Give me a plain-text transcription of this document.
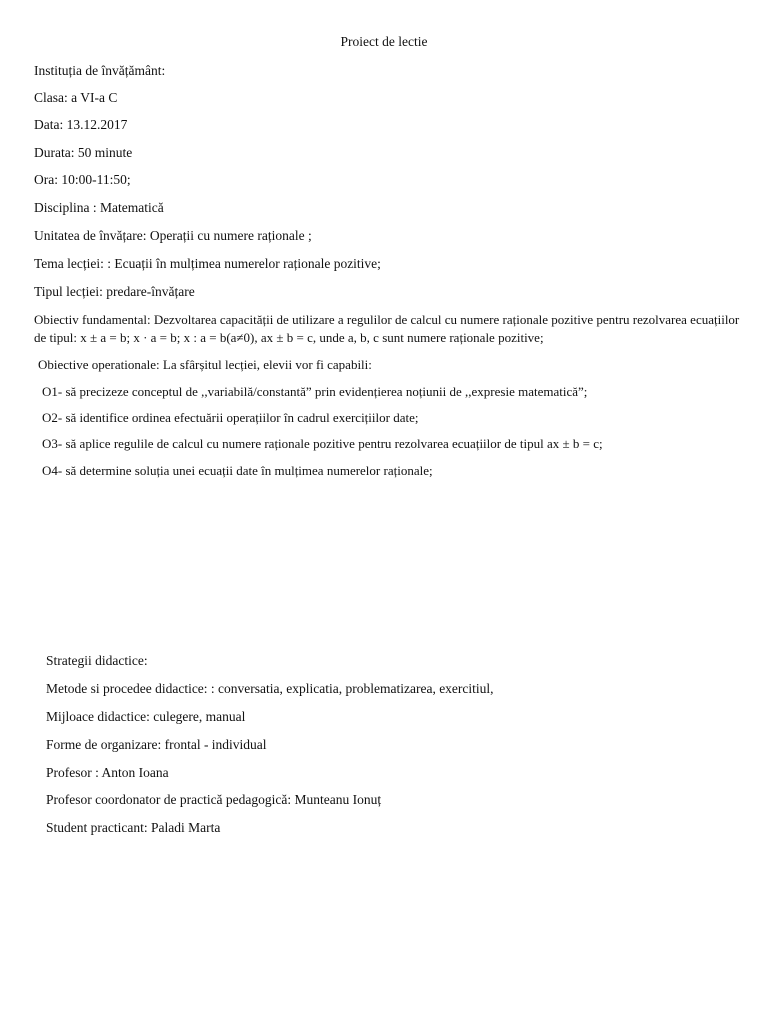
Proiect de lectie
Instituția de învățământ:
Clasa: a VI-a C
Data: 13.12.2017
Durata: 50 minute
Ora: 10:00-11:50;
Disciplina : Matematică
Unitatea de învățare: Operații cu numere raționale ;
Tema lecției: : Ecuații în mulțimea numerelor raționale pozitive;
Tipul lecției: predare-învățare
Obiectiv fundamental: Dezvoltarea capacității de utilizare a regulilor de calcul cu numere raționale pozitive pentru rezolvarea ecuațiilor de tipul: x ± a = b; x · a = b; x : a = b(a≠0), ax ± b = c, unde a, b, c sunt numere raționale pozitive;
Obiective operationale: La sfârșitul lecției, elevii vor fi capabili:
O1- să precizeze conceptul de ,,variabilă/constantă” prin evidențierea noțiunii de ,,expresie matematică”;
O2- să identifice ordinea efectuării operațiilor în cadrul exercițiilor date;
O3- să aplice regulile de calcul cu numere raționale pozitive pentru rezolvarea ecuațiilor de tipul ax ± b = c;
O4- să determine soluția unei ecuații date în mulțimea numerelor raționale;
Strategii didactice:
Metode si procedee didactice: : conversatia, explicatia, problematizarea, exercitiul,
Mijloace didactice: culegere, manual
Forme de organizare: frontal - individual
Profesor : Anton Ioana
Profesor coordonator de practică pedagogică: Munteanu Ionuț
Student practicant: Paladi Marta
